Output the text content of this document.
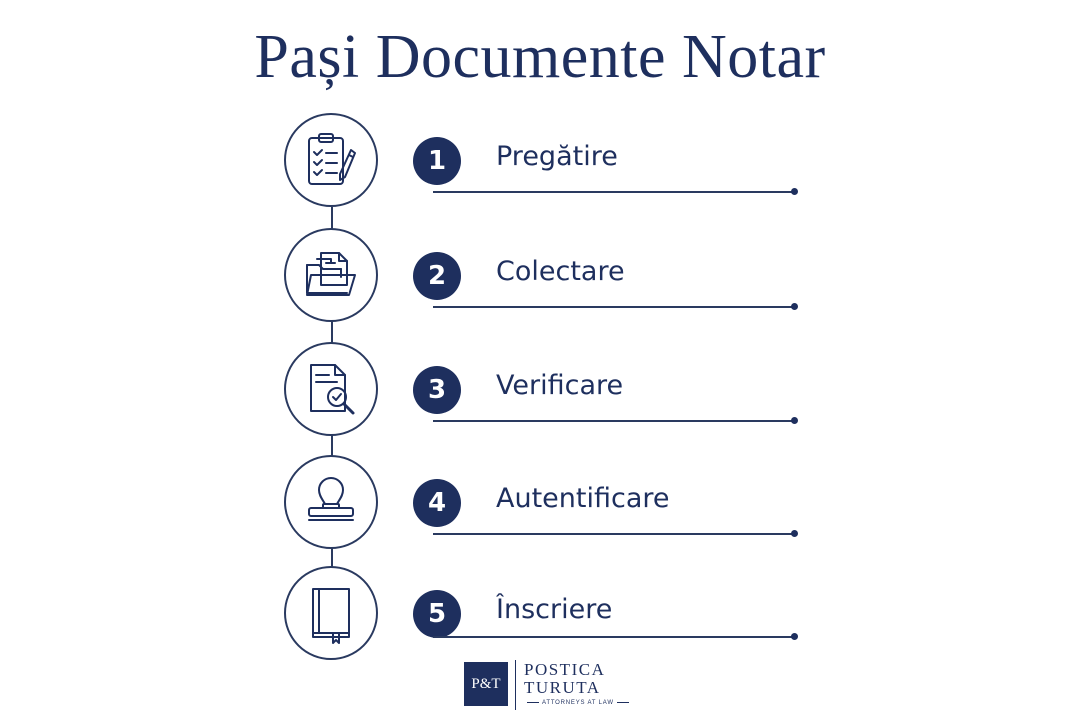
Pași Documente Notar
1	Pregătire
2	Colectare
3	Verificare
4	Autentificare
5	Înscriere
P&T
POSTICA
TURUTA
ATTORNEYS AT LAW
